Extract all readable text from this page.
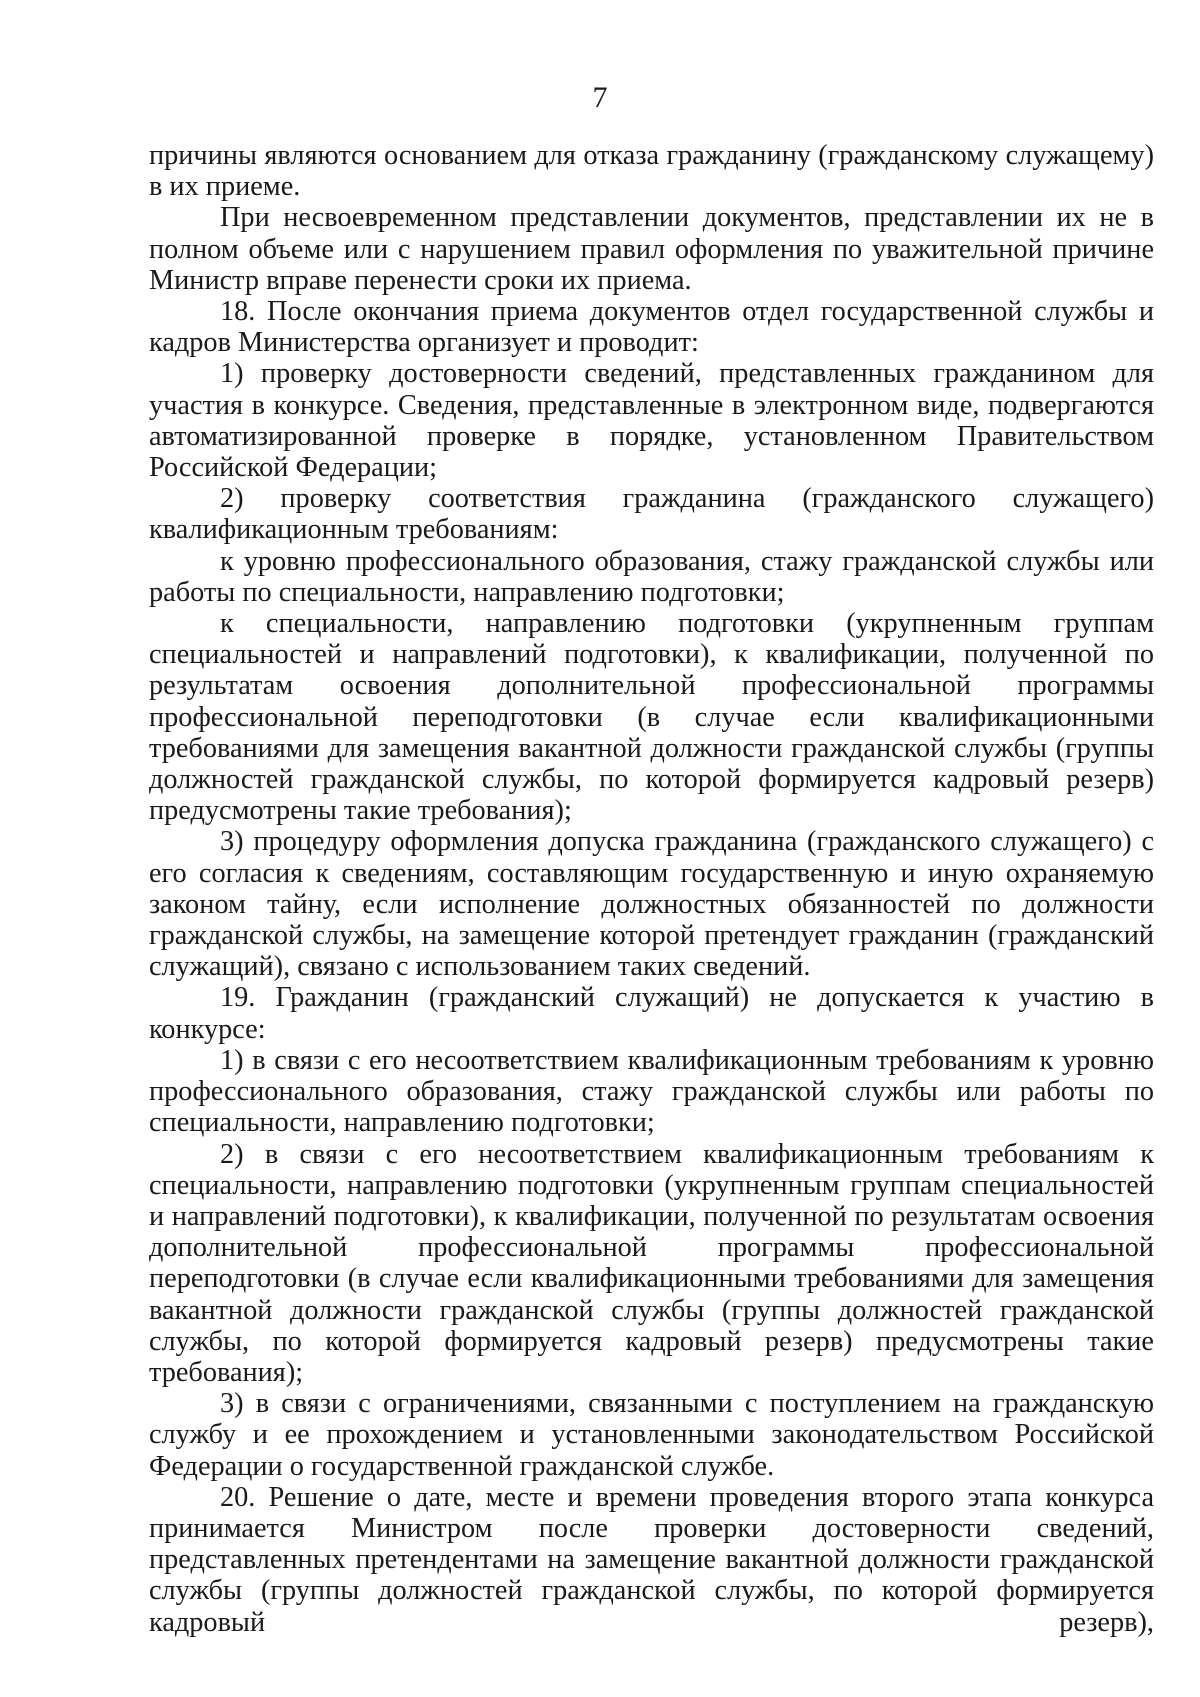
7

причины являются основанием для отказа гражданину (гражданскому служащему) в их приеме.

При несвоевременном представлении документов, представлении их не в полном объеме или с нарушением правил оформления по уважительной причине Министр вправе перенести сроки их приема.

18. После окончания приема документов отдел государственной службы и кадров Министерства организует и проводит:

1) проверку достоверности сведений, представленных гражданином для участия в конкурсе. Сведения, представленные в электронном виде, подвергаются автоматизированной проверке в порядке, установленном Правительством Российской Федерации;

2) проверку соответствия гражданина (гражданского служащего) квалификационным требованиям:

к уровню профессионального образования, стажу гражданской службы или работы по специальности, направлению подготовки;

к специальности, направлению подготовки (укрупненным группам специальностей и направлений подготовки), к квалификации, полученной по результатам освоения дополнительной профессиональной программы профессиональной переподготовки (в случае если квалификационными требованиями для замещения вакантной должности гражданской службы (группы должностей гражданской службы, по которой формируется кадровый резерв) предусмотрены такие требования);

3) процедуру оформления допуска гражданина (гражданского служащего) с его согласия к сведениям, составляющим государственную и иную охраняемую законом тайну, если исполнение должностных обязанностей по должности гражданской службы, на замещение которой претендует гражданин (гражданский служащий), связано с использованием таких сведений.

19. Гражданин (гражданский служащий) не допускается к участию в конкурсе:

1) в связи с его несоответствием квалификационным требованиям к уровню профессионального образования, стажу гражданской службы или работы по специальности, направлению подготовки;

2) в связи с его несоответствием квалификационным требованиям к специальности, направлению подготовки (укрупненным группам специальностей и направлений подготовки), к квалификации, полученной по результатам освоения дополнительной профессиональной программы профессиональной переподготовки (в случае если квалификационными требованиями для замещения вакантной должности гражданской службы (группы должностей гражданской службы, по которой формируется кадровый резерв) предусмотрены такие требования);

3) в связи с ограничениями, связанными с поступлением на гражданскую службу и ее прохождением и установленными законодательством Российской Федерации о государственной гражданской службе.

20. Решение о дате, месте и времени проведения второго этапа конкурса принимается Министром после проверки достоверности сведений, представленных претендентами на замещение вакантной должности гражданской службы (группы должностей гражданской службы, по которой формируется кадровый резерв),
